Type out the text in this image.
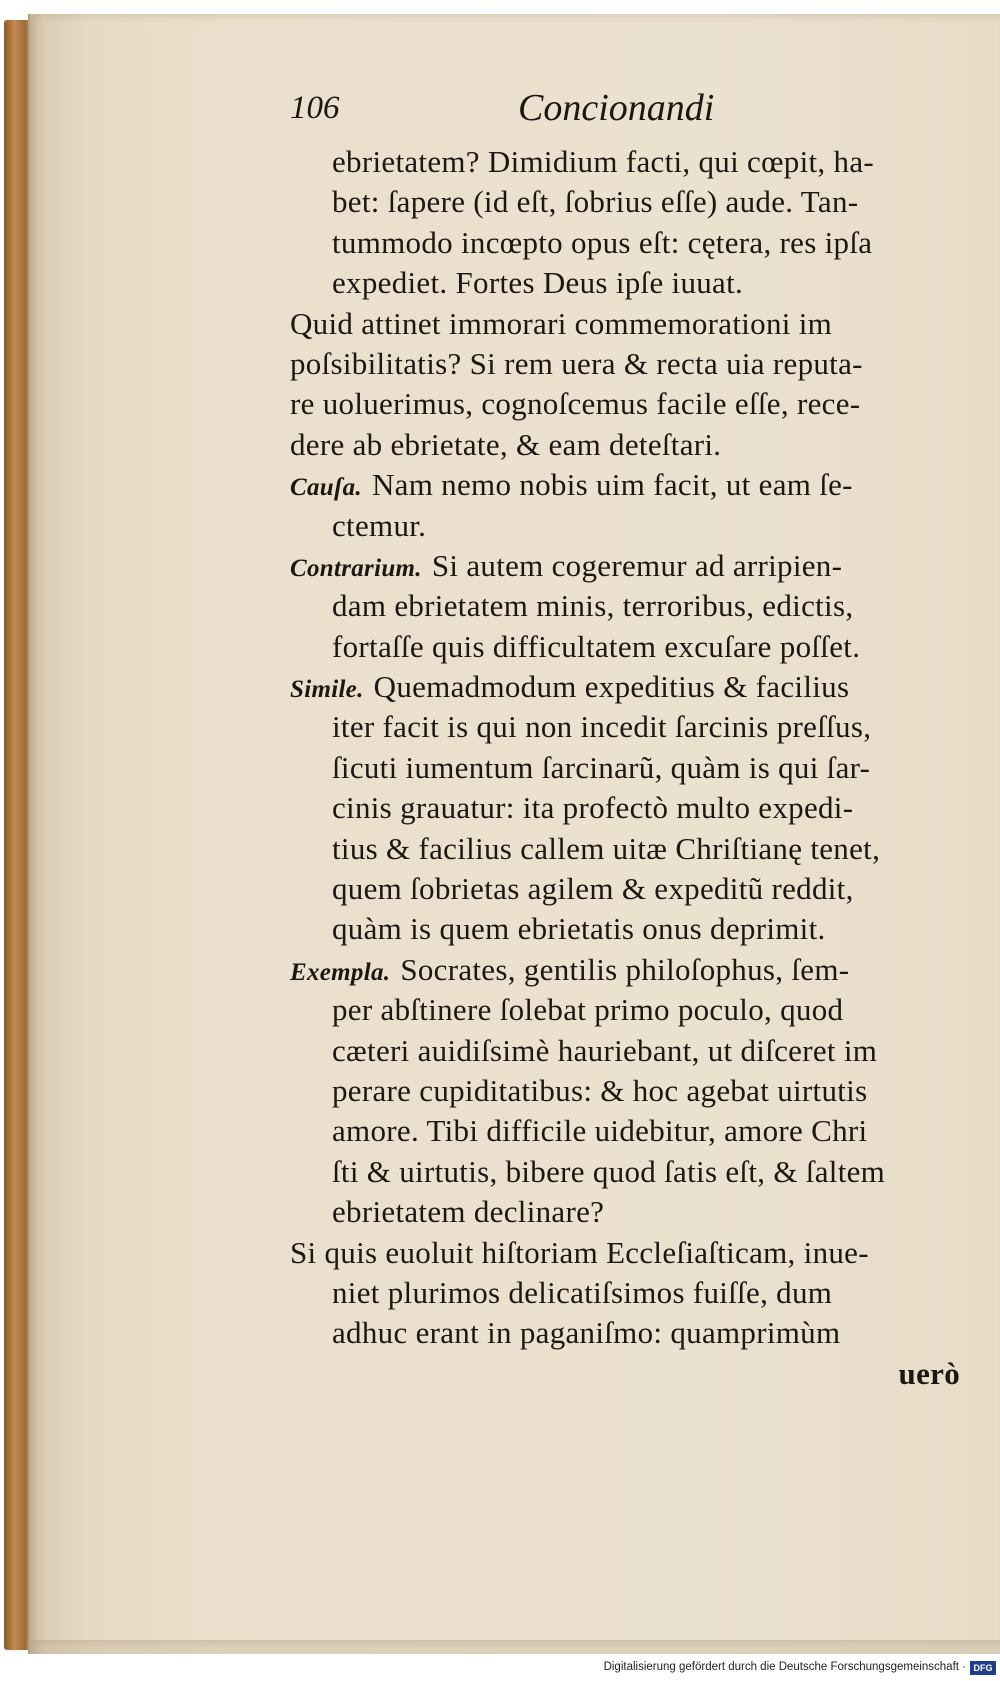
106	Concionandi
ebrietatem? Dimidium facti, qui cœpit, ha-
bet: ſapere (id eſt, ſobrius eſſe) aude. Tan-
tummodo incœpto opus eſt: cętera, res ipſa
expediet. Fortes Deus ipſe iuuat.
Quid attinet immorari commemorationi im
poſsibilitatis? Si rem uera & recta uia reputa-
re uoluerimus, cognoſcemus facile eſſe, rece-
dere ab ebrietate, & eam deteſtari.
Cauſa. Nam nemo nobis uim facit, ut eam ſe-
ctemur.
Contrarium. Si autem cogeremur ad arripien-
dam ebrietatem minis, terroribus, edictis,
fortaſſe quis difficultatem excuſare poſſet.
Simile. Quemadmodum expeditius & facilius
iter facit is qui non incedit ſarcinis preſſus,
ſicuti iumentum ſarcinarũ, quàm is qui ſar-
cinis grauatur: ita profectò multo expedi-
tius & facilius callem uitæ Chriſtianę tenet,
quem ſobrietas agilem & expeditũ reddit,
quàm is quem ebrietatis onus deprimit.
Exempla. Socrates, gentilis philoſophus, ſem-
per abſtinere ſolebat primo poculo, quod
cæteri auidiſsimè hauriebant, ut diſceret im
perare cupiditatibus: & hoc agebat uirtutis
amore. Tibi difficile uidebitur, amore Chri
ſti & uirtutis, bibere quod ſatis eſt, & ſaltem
ebrietatem declinare?
Si quis euoluit hiſtoriam Eccleſiaſticam, inue-
niet plurimos delicatiſsimos fuiſſe, dum
adhuc erant in paganiſmo: quamprimùm
uerò
Digitalisierung gefördert durch die Deutsche Forschungsgemeinschaft · DFG
